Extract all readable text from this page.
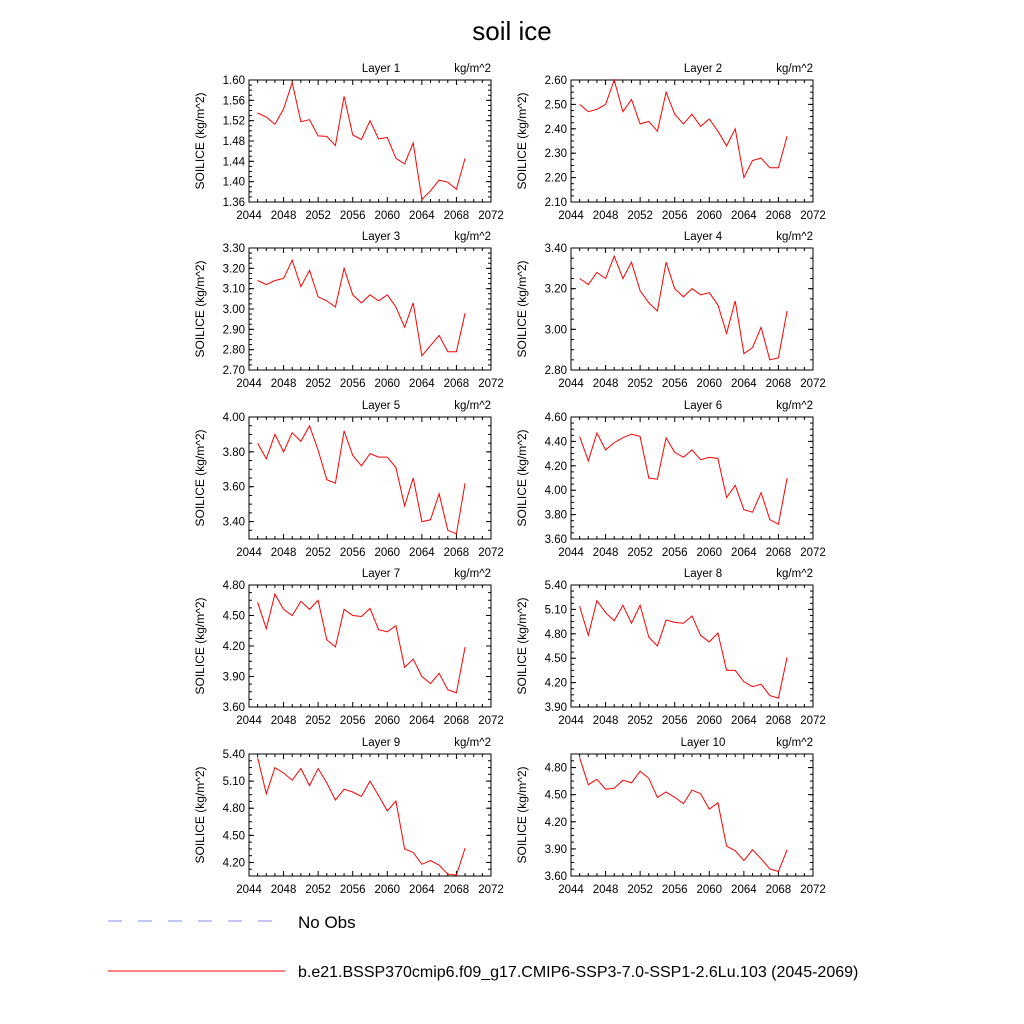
soil ice
Layer 1	kg/m^2
SOILICE (kg/m^2)
2044 2048 2052 2056 2060 2064 2068 2072
1.36
1.40
1.44
1.48
1.52
1.56
1.60
Layer 2	kg/m^2
SOILICE (kg/m^2)
2044 2048 2052 2056 2060 2064 2068 2072
2.10
2.20
2.30
2.40
2.50
2.60
Layer 3	kg/m^2
SOILICE (kg/m^2)
2044 2048 2052 2056 2060 2064 2068 2072
2.70
2.80
2.90
3.00
3.10
3.20
3.30
Layer 4	kg/m^2
SOILICE (kg/m^2)
2044 2048 2052 2056 2060 2064 2068 2072
2.80
3.00
3.20
3.40
Layer 5	kg/m^2
SOILICE (kg/m^2)
2044 2048 2052 2056 2060 2064 2068 2072
3.40
3.60
3.80
4.00
Layer 6	kg/m^2
SOILICE (kg/m^2)
2044 2048 2052 2056 2060 2064 2068 2072
3.60
3.80
4.00
4.20
4.40
4.60
Layer 7	kg/m^2
SOILICE (kg/m^2)
2044 2048 2052 2056 2060 2064 2068 2072
3.60
3.90
4.20
4.50
4.80
Layer 8	kg/m^2
SOILICE (kg/m^2)
2044 2048 2052 2056 2060 2064 2068 2072
3.90
4.20
4.50
4.80
5.10
5.40
Layer 9	kg/m^2
SOILICE (kg/m^2)
2044 2048 2052 2056 2060 2064 2068 2072
4.20
4.50
4.80
5.10
5.40
Layer 10	kg/m^2
SOILICE (kg/m^2)
2044 2048 2052 2056 2060 2064 2068 2072
3.60
3.90
4.20
4.50
4.80
No Obs
b.e21.BSSP370cmip6.f09_g17.CMIP6-SSP3-7.0-SSP1-2.6Lu.103 (2045-2069)
